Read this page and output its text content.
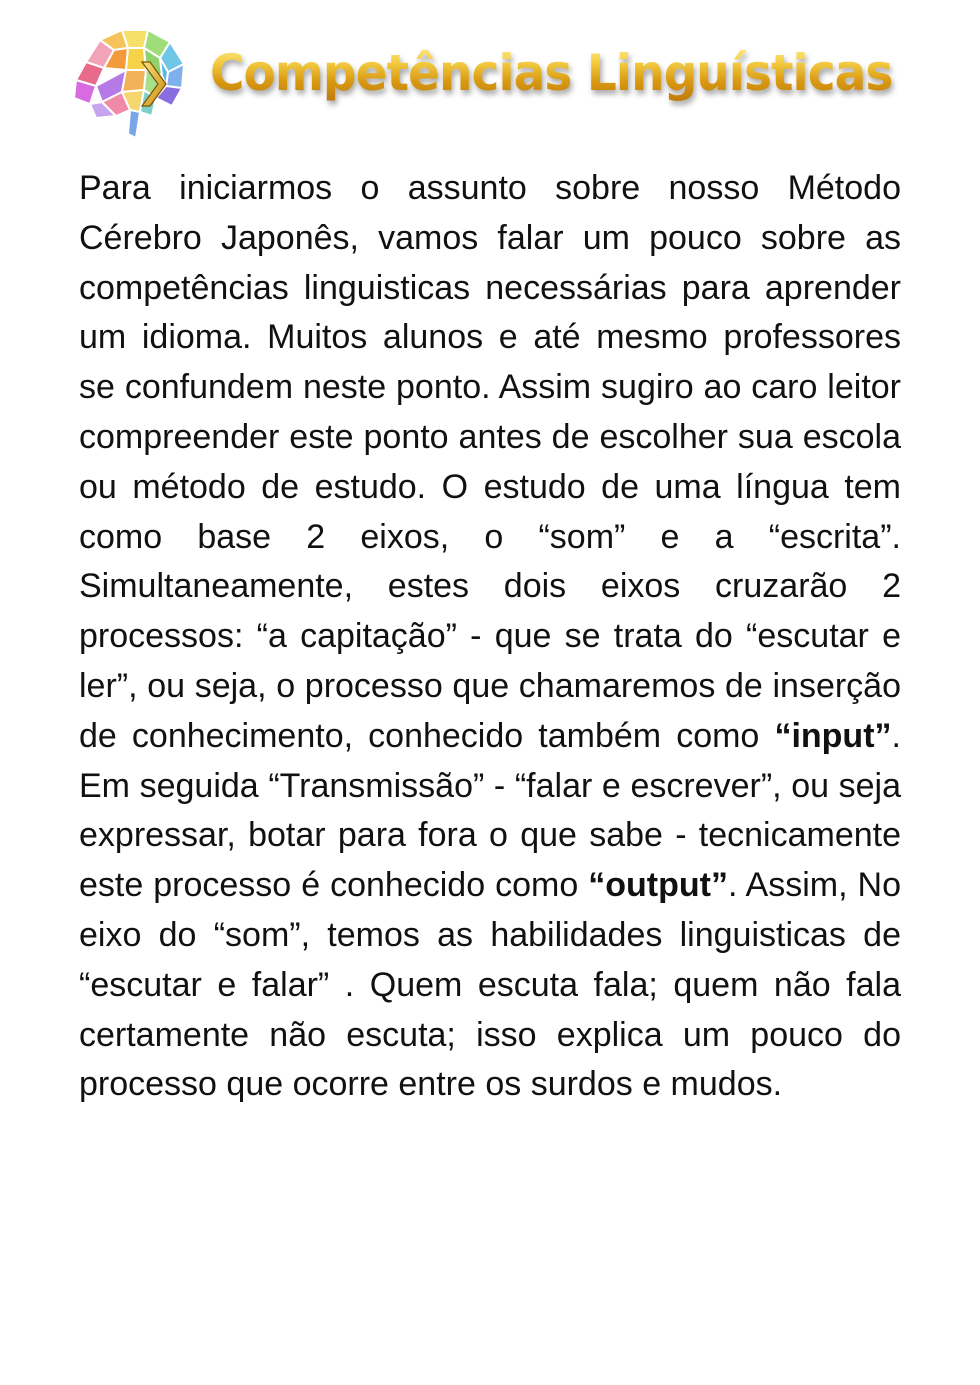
Competências Linguísticas

Para iniciarmos o assunto sobre nosso Método Cérebro Japonês, vamos falar um pouco sobre as competências linguisticas necessárias para aprender um idioma. Muitos alunos e até mesmo professores se confundem neste ponto. Assim sugiro ao caro leitor compreender este ponto antes de escolher sua escola ou método de estudo. O estudo de uma língua tem como base 2 eixos, o “som” e a “escrita”. Simultaneamente, estes dois eixos cruzarão 2 processos: “a capitação” - que se trata do “escutar e ler”, ou seja, o processo que chamaremos de inserção de conhecimento, conhecido também como “input”. Em seguida “Transmissão” - “falar e escrever”, ou seja expressar, botar para fora o que sabe - tecnicamente este processo é conhecido como “output”. Assim, No eixo do “som”, temos as habilidades linguisticas de “escutar e falar” . Quem escuta fala; quem não fala certamente não escuta; isso explica um pouco do processo que ocorre entre os surdos e mudos.
